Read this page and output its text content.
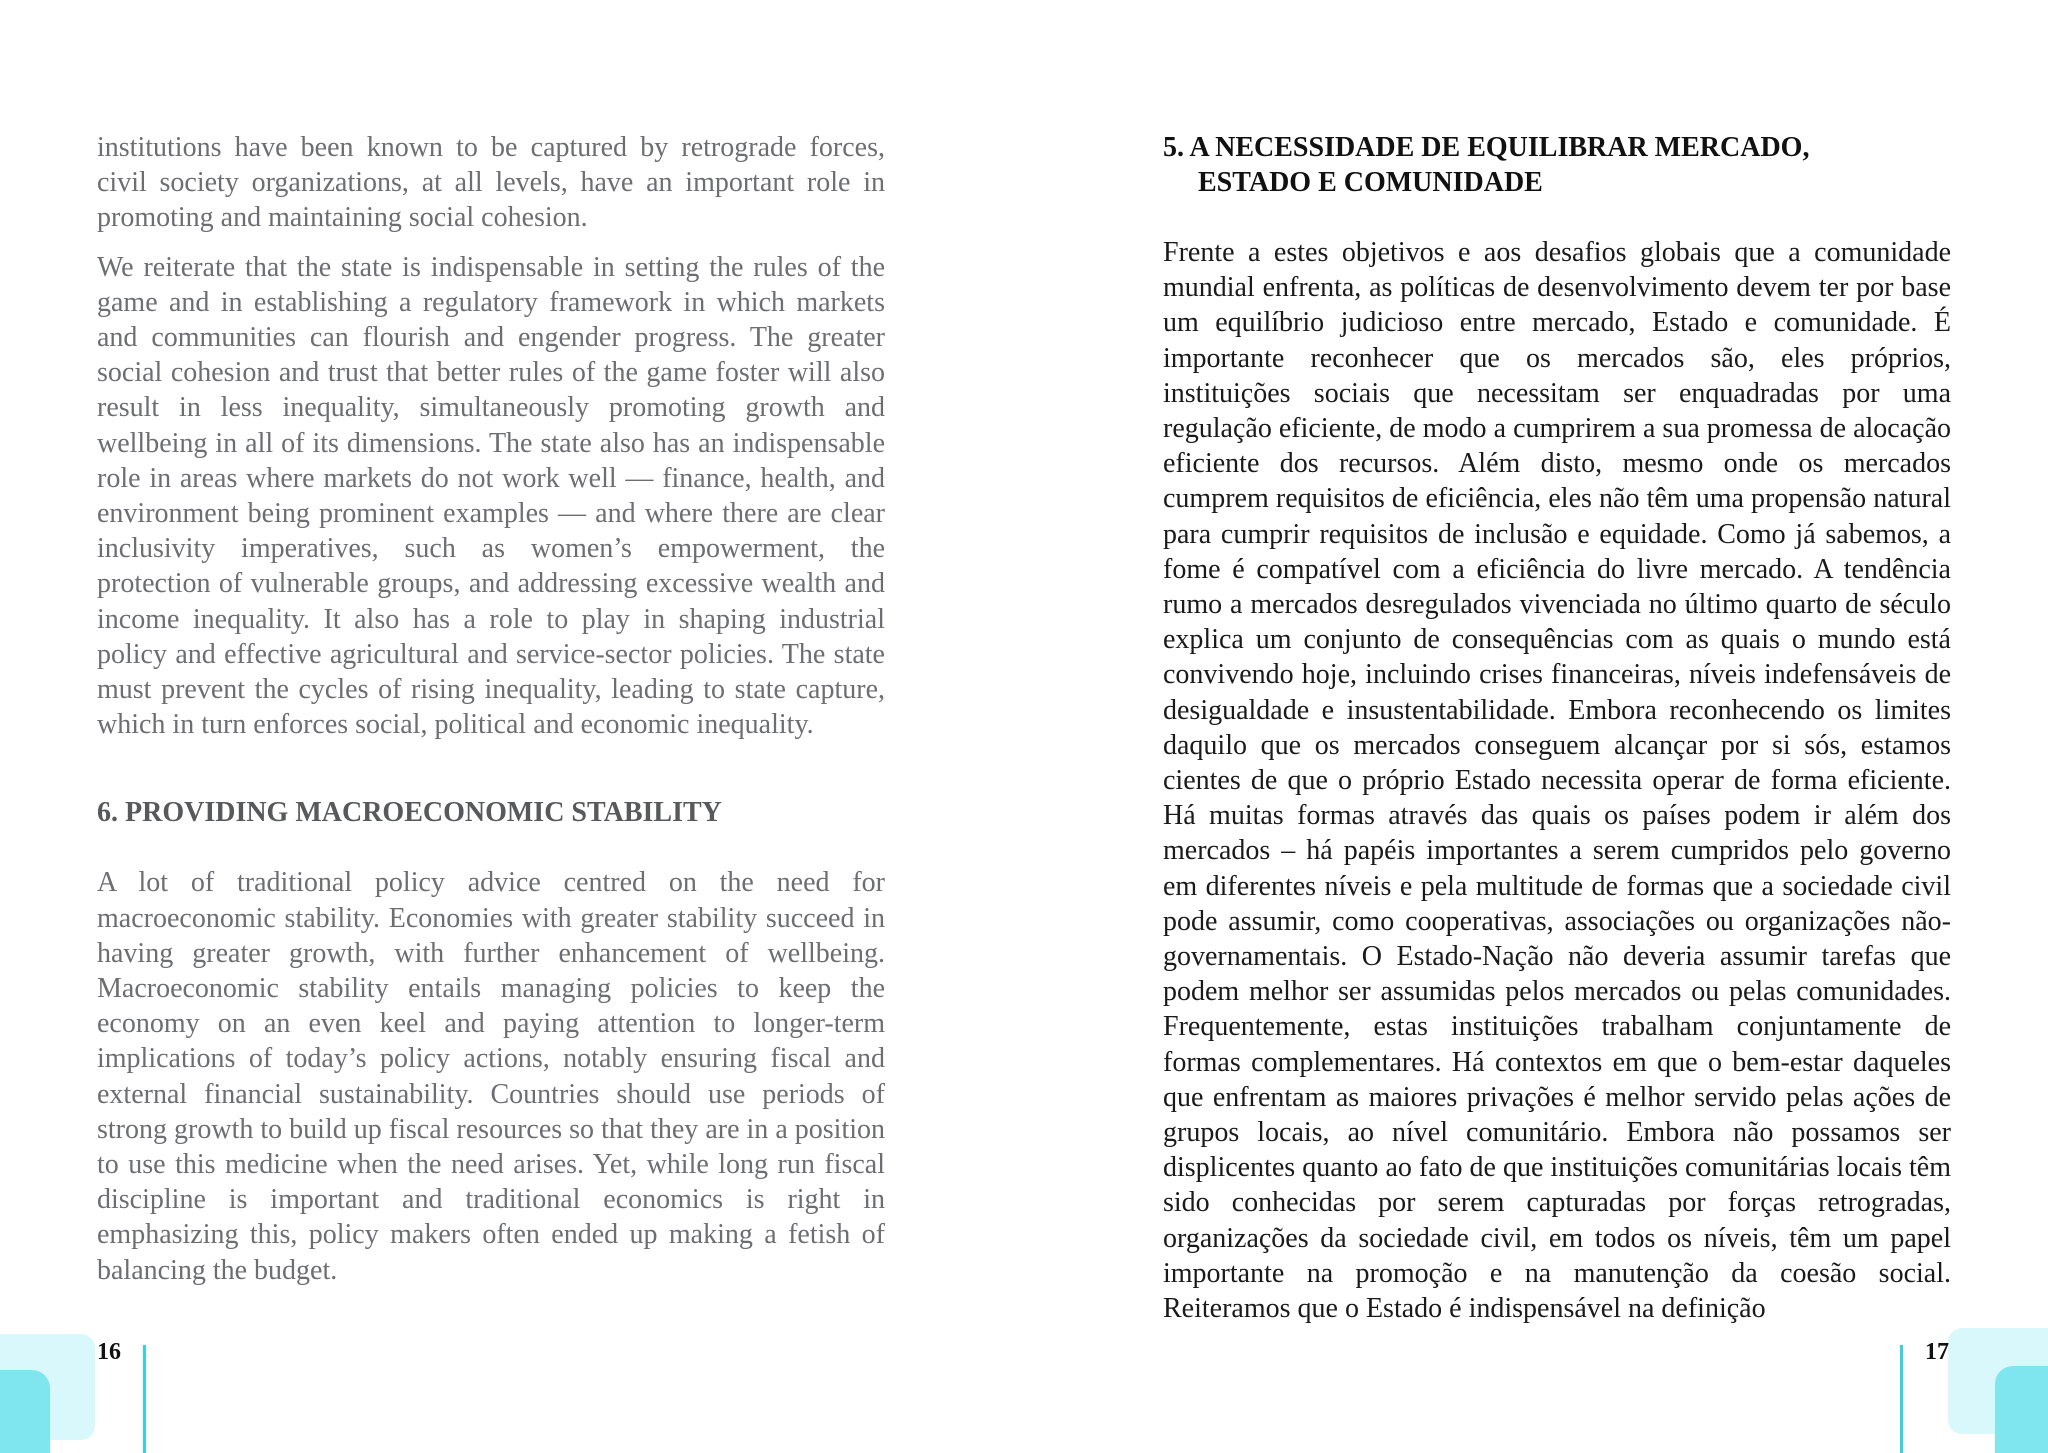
institutions have been known to be captured by retrograde forces, civil society organizations, at all levels, have an important role in promoting and maintaining social cohesion.

We reiterate that the state is indispensable in setting the rules of the game and in establishing a regulatory framework in which markets and communities can flourish and engender progress. The greater social cohesion and trust that better rules of the game foster will also result in less inequality, simultaneously promoting growth and wellbeing in all of its dimensions. The state also has an indispensable role in areas where markets do not work well — finance, health, and environment being prominent examples — and where there are clear inclusivity imperatives, such as women’s empowerment, the protection of vulnerable groups, and addressing excessive wealth and income inequality. It also has a role to play in shaping industrial policy and effective agricultural and service-sector policies. The state must prevent the cycles of rising inequality, leading to state capture, which in turn enforces social, political and economic inequality.

6. PROVIDING MACROECONOMIC STABILITY

A lot of traditional policy advice centred on the need for macroeconomic stability. Economies with greater stability succeed in having greater growth, with further enhancement of wellbeing. Macroeconomic stability entails managing policies to keep the economy on an even keel and paying attention to longer-term implications of today’s policy actions, notably ensuring fiscal and external financial sustainability. Countries should use periods of strong growth to build up fiscal resources so that they are in a position to use this medicine when the need arises. Yet, while long run fiscal discipline is important and traditional economics is right in emphasizing this, policy makers often ended up making a fetish of balancing the budget.

5. A NECESSIDADE DE EQUILIBRAR MERCADO,
ESTADO E COMUNIDADE

Frente a estes objetivos e aos desafios globais que a comunidade mundial enfrenta, as políticas de desenvolvimento devem ter por base um equilíbrio judicioso entre mercado, Estado e comunidade. É importante reconhecer que os mercados são, eles próprios, instituições sociais que necessitam ser enquadradas por uma regulação eficiente, de modo a cumprirem a sua promessa de alocação eficiente dos recursos. Além disto, mesmo onde os mercados cumprem requisitos de eficiência, eles não têm uma propensão natural para cumprir requisitos de inclusão e equidade. Como já sabemos, a fome é compatível com a eficiência do livre mercado. A tendência rumo a mercados desregulados vivenciada no último quarto de século explica um conjunto de consequências com as quais o mundo está convivendo hoje, incluindo crises financeiras, níveis indefensáveis de desigualdade e insustentabilidade. Embora reconhecendo os limites daquilo que os mercados conseguem alcançar por si sós, estamos cientes de que o próprio Estado necessita operar de forma eficiente. Há muitas formas através das quais os países podem ir além dos mercados – há papéis importantes a serem cumpridos pelo governo em diferentes níveis e pela multitude de formas que a sociedade civil pode assumir, como cooperativas, associações ou organizações não-governamentais. O Estado-Nação não deveria assumir tarefas que podem melhor ser assumidas pelos mercados ou pelas comunidades. Frequentemente, estas instituições trabalham conjuntamente de formas complementares. Há contextos em que o bem-estar daqueles que enfrentam as maiores privações é melhor servido pelas ações de grupos locais, ao nível comunitário. Embora não possamos ser displicentes quanto ao fato de que instituições comunitárias locais têm sido conhecidas por serem capturadas por forças retrogradas, organizações da sociedade civil, em todos os níveis, têm um papel importante na promoção e na manutenção da coesão social. Reiteramos que o Estado é indispensável na definição

16	17
